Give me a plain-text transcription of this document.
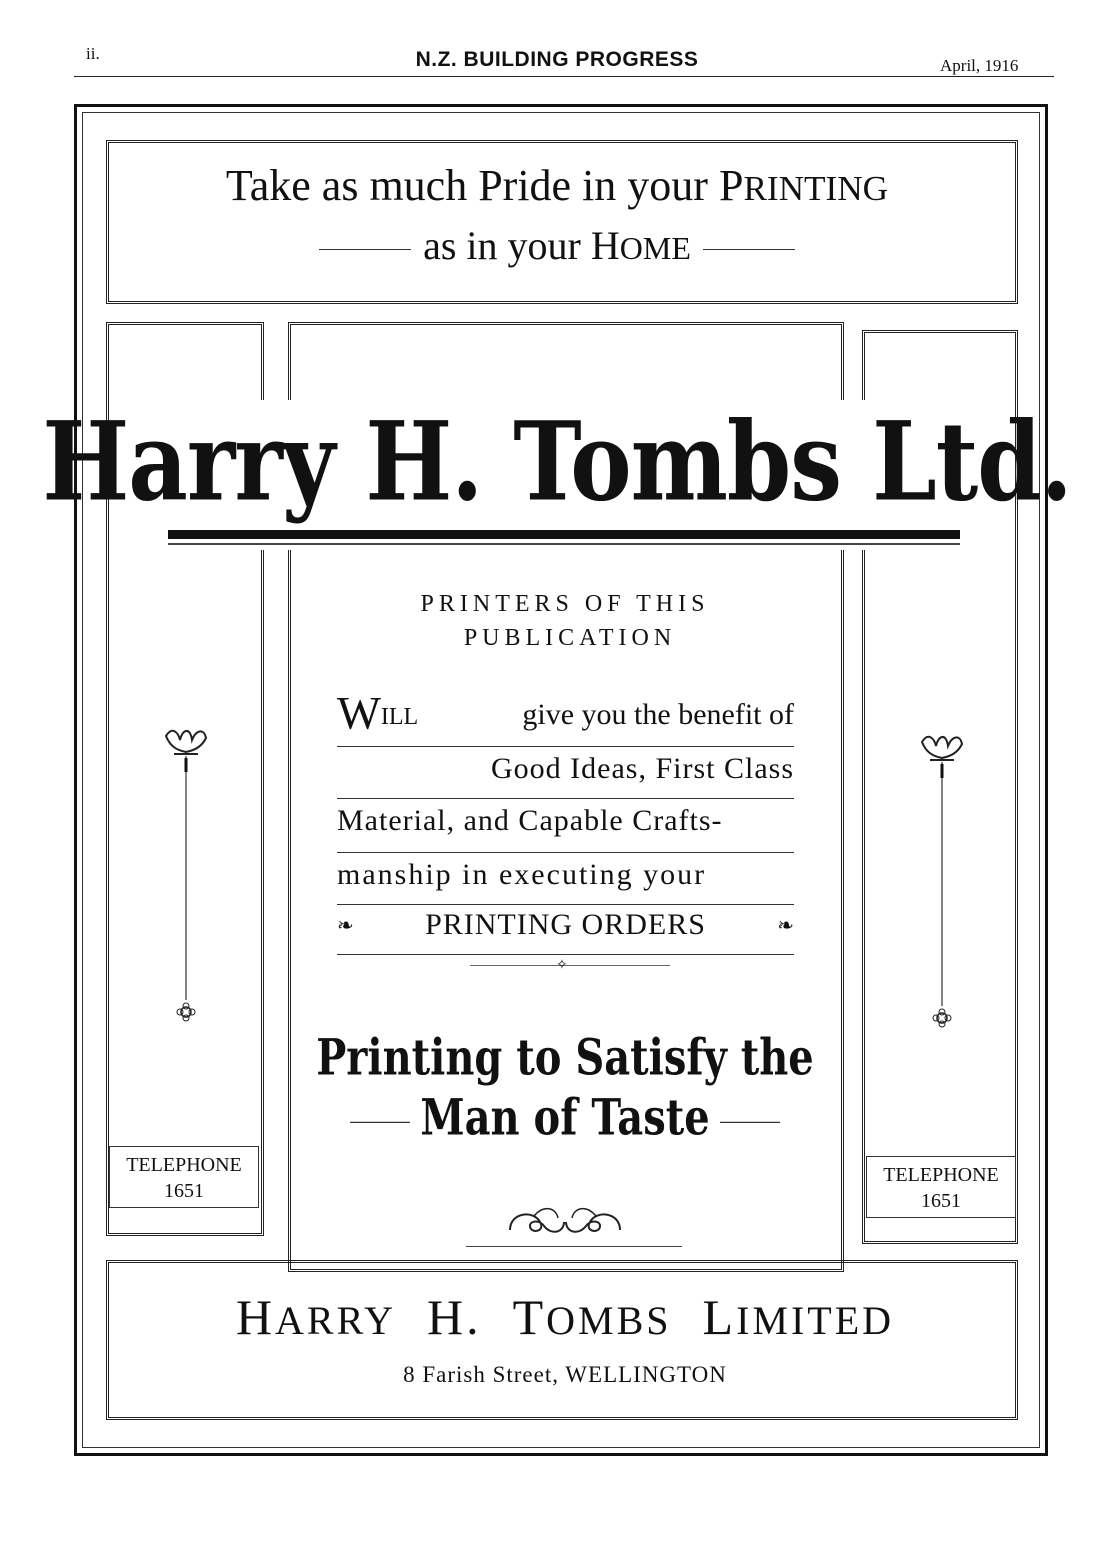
ii.	N.Z. BUILDING PROGRESS	April, 1916
Take as much Pride in your PRINTING
as in your HOME
Harry H. Tombs Ltd.
PRINTERS OF THIS
PUBLICATION
WILL	give you the benefit of
Good Ideas, First Class
Material, and Capable Crafts-
manship in executing your
❧ PRINTING ORDERS	❧
✧
Printing to Satisfy the
Man of Taste
TELEPHONE
1651
TELEPHONE
1651
HARRY H. TOMBS LIMITED
8 Farish Street, WELLINGTON
